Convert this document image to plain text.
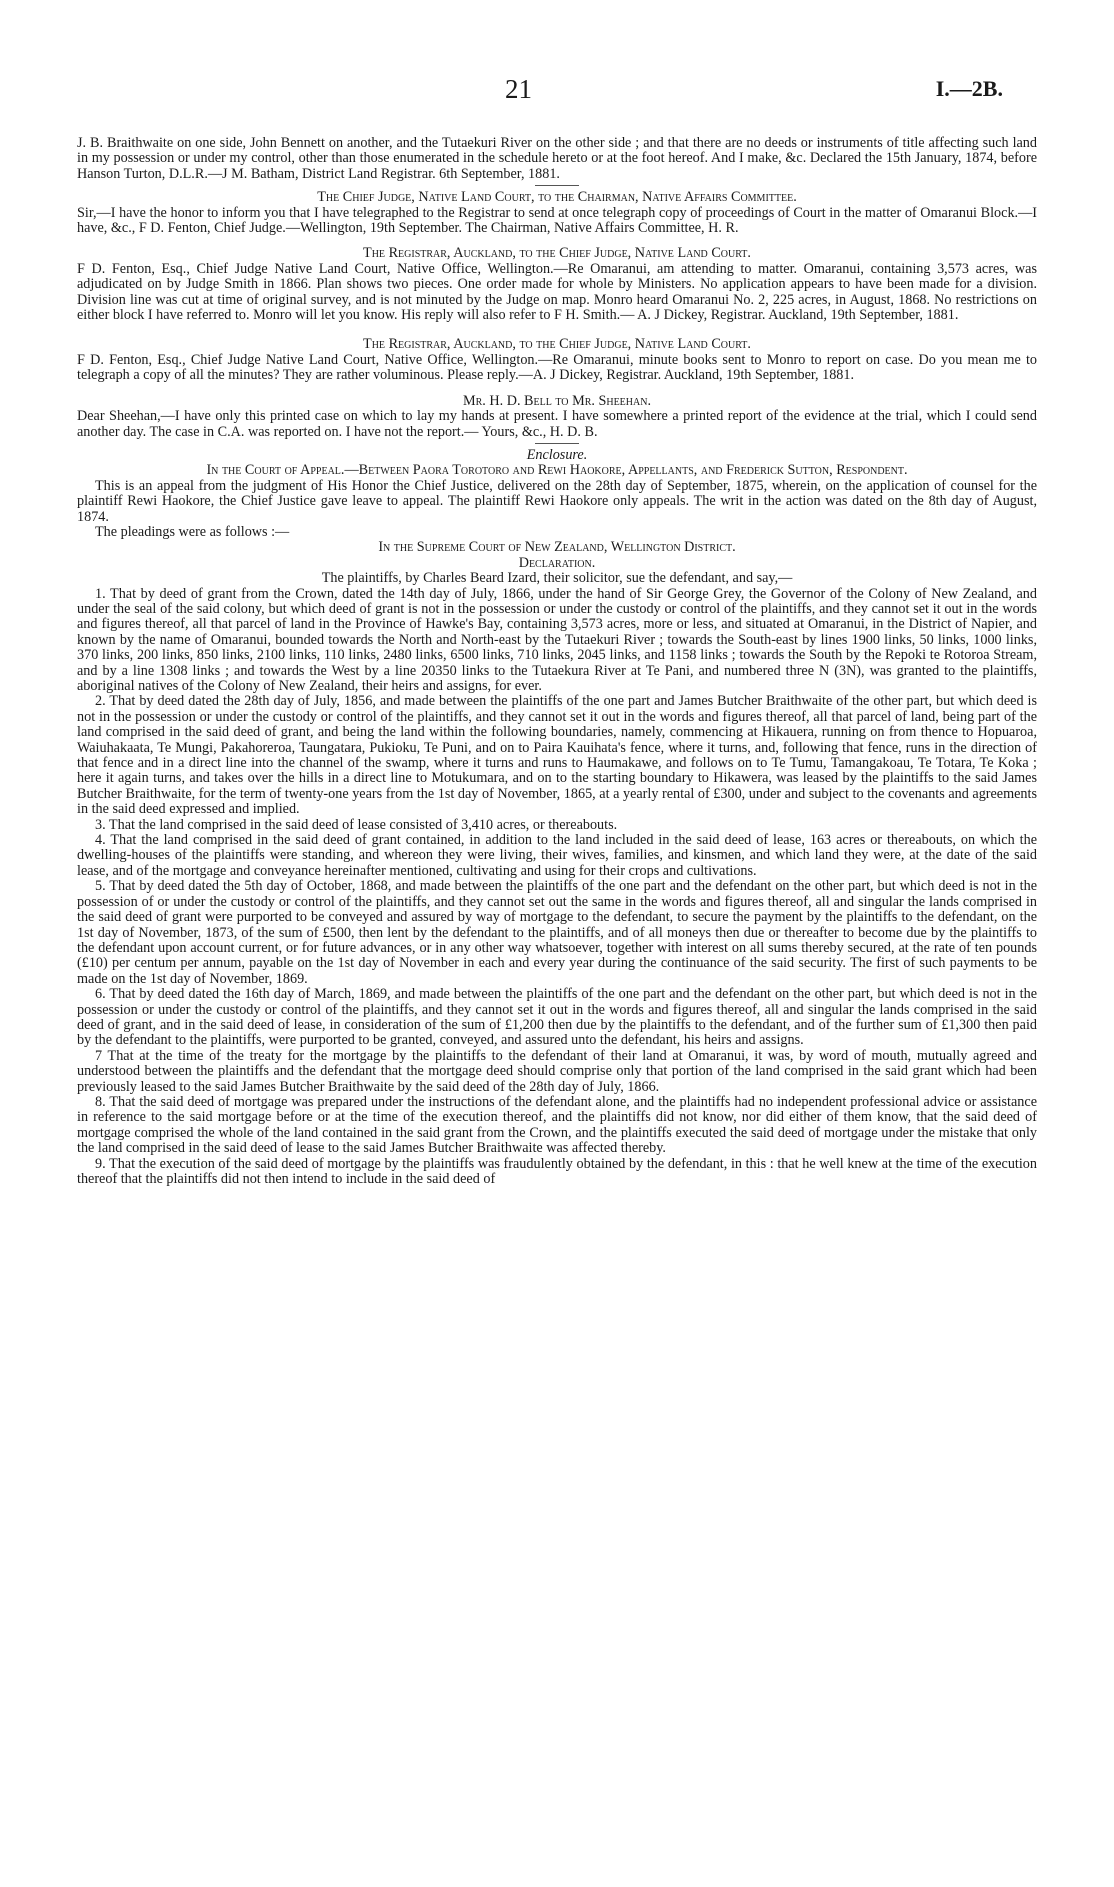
21	I.—2B.

J. B. Braithwaite on one side, John Bennett on another, and the Tutaekuri River on the other side ; and that there are no deeds or instruments of title affecting such land in my possession or under my control, other than those enumerated in the schedule hereto or at the foot hereof. And I make, &c. Declared the 15th January, 1874, before Hanson Turton, D.L.R.—J M. Batham, District Land Registrar. 6th September, 1881.

The Chief Judge, Native Land Court, to the Chairman, Native Affairs Committee.

Sir,—I have the honor to inform you that I have telegraphed to the Registrar to send at once telegraph copy of proceedings of Court in the matter of Omaranui Block.—I have, &c., F D. Fenton, Chief Judge.—Wellington, 19th September. The Chairman, Native Affairs Committee, H. R.

The Registrar, Auckland, to the Chief Judge, Native Land Court.

F D. Fenton, Esq., Chief Judge Native Land Court, Native Office, Wellington.—Re Omaranui, am attending to matter. Omaranui, containing 3,573 acres, was adjudicated on by Judge Smith in 1866. Plan shows two pieces. One order made for whole by Ministers. No application appears to have been made for a division. Division line was cut at time of original survey, and is not minuted by the Judge on map. Monro heard Omaranui No. 2, 225 acres, in August, 1868. No restrictions on either block I have referred to. Monro will let you know. His reply will also refer to F H. Smith.— A. J Dickey, Registrar. Auckland, 19th September, 1881.

The Registrar, Auckland, to the Chief Judge, Native Land Court.

F D. Fenton, Esq., Chief Judge Native Land Court, Native Office, Wellington.—Re Omaranui, minute books sent to Monro to report on case. Do you mean me to telegraph a copy of all the minutes? They are rather voluminous. Please reply.—A. J Dickey, Registrar. Auckland, 19th September, 1881.

Mr. H. D. Bell to Mr. Sheehan.

Dear Sheehan,—I have only this printed case on which to lay my hands at present. I have somewhere a printed report of the evidence at the trial, which I could send another day. The case in C.A. was reported on. I have not the report.— Yours, &c., H. D. B.

Enclosure.

In the Court of Appeal.—Between Paora Torotoro and Rewi Haokore, Appellants, and Frederick Sutton, Respondent.

This is an appeal from the judgment of His Honor the Chief Justice, delivered on the 28th day of September, 1875, wherein, on the application of counsel for the plaintiff Rewi Haokore, the Chief Justice gave leave to appeal. The plaintiff Rewi Haokore only appeals. The writ in the action was dated on the 8th day of August, 1874.

The pleadings were as follows :—

In the Supreme Court of New Zealand, Wellington District.

Declaration.

The plaintiffs, by Charles Beard Izard, their solicitor, sue the defendant, and say,—

1. That by deed of grant from the Crown, dated the 14th day of July, 1866, under the hand of Sir George Grey, the Governor of the Colony of New Zealand, and under the seal of the said colony, but which deed of grant is not in the possession or under the custody or control of the plaintiffs, and they cannot set it out in the words and figures thereof, all that parcel of land in the Province of Hawke's Bay, containing 3,573 acres, more or less, and situated at Omaranui, in the District of Napier, and known by the name of Omaranui, bounded towards the North and North-east by the Tutaekuri River ; towards the South-east by lines 1900 links, 50 links, 1000 links, 370 links, 200 links, 850 links, 2100 links, 110 links, 2480 links, 6500 links, 710 links, 2045 links, and 1158 links ; towards the South by the Repoki te Rotoroa Stream, and by a line 1308 links ; and towards the West by a line 20350 links to the Tutaekura River at Te Pani, and numbered three N (3N), was granted to the plaintiffs, aboriginal natives of the Colony of New Zealand, their heirs and assigns, for ever.

2. That by deed dated the 28th day of July, 1856, and made between the plaintiffs of the one part and James Butcher Braithwaite of the other part, but which deed is not in the possession or under the custody or control of the plaintiffs, and they cannot set it out in the words and figures thereof, all that parcel of land, being part of the land comprised in the said deed of grant, and being the land within the following boundaries, namely, commencing at Hikauera, running on from thence to Hopuaroa, Waiuhakaata, Te Mungi, Pakahoreroa, Taungatara, Pukioku, Te Puni, and on to Paira Kauihata's fence, where it turns, and, following that fence, runs in the direction of that fence and in a direct line into the channel of the swamp, where it turns and runs to Haumakawe, and follows on to Te Tumu, Tamangakoau, Te Totara, Te Koka ; here it again turns, and takes over the hills in a direct line to Motukumara, and on to the starting boundary to Hikawera, was leased by the plaintiffs to the said James Butcher Braithwaite, for the term of twenty-one years from the 1st day of November, 1865, at a yearly rental of £300, under and subject to the covenants and agreements in the said deed expressed and implied.

3. That the land comprised in the said deed of lease consisted of 3,410 acres, or thereabouts.

4. That the land comprised in the said deed of grant contained, in addition to the land included in the said deed of lease, 163 acres or thereabouts, on which the dwelling-houses of the plaintiffs were standing, and whereon they were living, their wives, families, and kinsmen, and which land they were, at the date of the said lease, and of the mortgage and conveyance hereinafter mentioned, cultivating and using for their crops and cultivations.

5. That by deed dated the 5th day of October, 1868, and made between the plaintiffs of the one part and the defendant on the other part, but which deed is not in the possession of or under the custody or control of the plaintiffs, and they cannot set out the same in the words and figures thereof, all and singular the lands comprised in the said deed of grant were purported to be conveyed and assured by way of mortgage to the defendant, to secure the payment by the plaintiffs to the defendant, on the 1st day of November, 1873, of the sum of £500, then lent by the defendant to the plaintiffs, and of all moneys then due or thereafter to become due by the plaintiffs to the defendant upon account current, or for future advances, or in any other way whatsoever, together with interest on all sums thereby secured, at the rate of ten pounds (£10) per centum per annum, payable on the 1st day of November in each and every year during the continuance of the said security. The first of such payments to be made on the 1st day of November, 1869.

6. That by deed dated the 16th day of March, 1869, and made between the plaintiffs of the one part and the defendant on the other part, but which deed is not in the possession or under the custody or control of the plaintiffs, and they cannot set it out in the words and figures thereof, all and singular the lands comprised in the said deed of grant, and in the said deed of lease, in consideration of the sum of £1,200 then due by the plaintiffs to the defendant, and of the further sum of £1,300 then paid by the defendant to the plaintiffs, were purported to be granted, conveyed, and assured unto the defendant, his heirs and assigns.

7 That at the time of the treaty for the mortgage by the plaintiffs to the defendant of their land at Omaranui, it was, by word of mouth, mutually agreed and understood between the plaintiffs and the defendant that the mortgage deed should comprise only that portion of the land comprised in the said grant which had been previously leased to the said James Butcher Braithwaite by the said deed of the 28th day of July, 1866.

8. That the said deed of mortgage was prepared under the instructions of the defendant alone, and the plaintiffs had no independent professional advice or assistance in reference to the said mortgage before or at the time of the execution thereof, and the plaintiffs did not know, nor did either of them know, that the said deed of mortgage comprised the whole of the land contained in the said grant from the Crown, and the plaintiffs executed the said deed of mortgage under the mistake that only the land comprised in the said deed of lease to the said James Butcher Braithwaite was affected thereby.

9. That the execution of the said deed of mortgage by the plaintiffs was fraudulently obtained by the defendant, in this : that he well knew at the time of the execution thereof that the plaintiffs did not then intend to include in the said deed of
